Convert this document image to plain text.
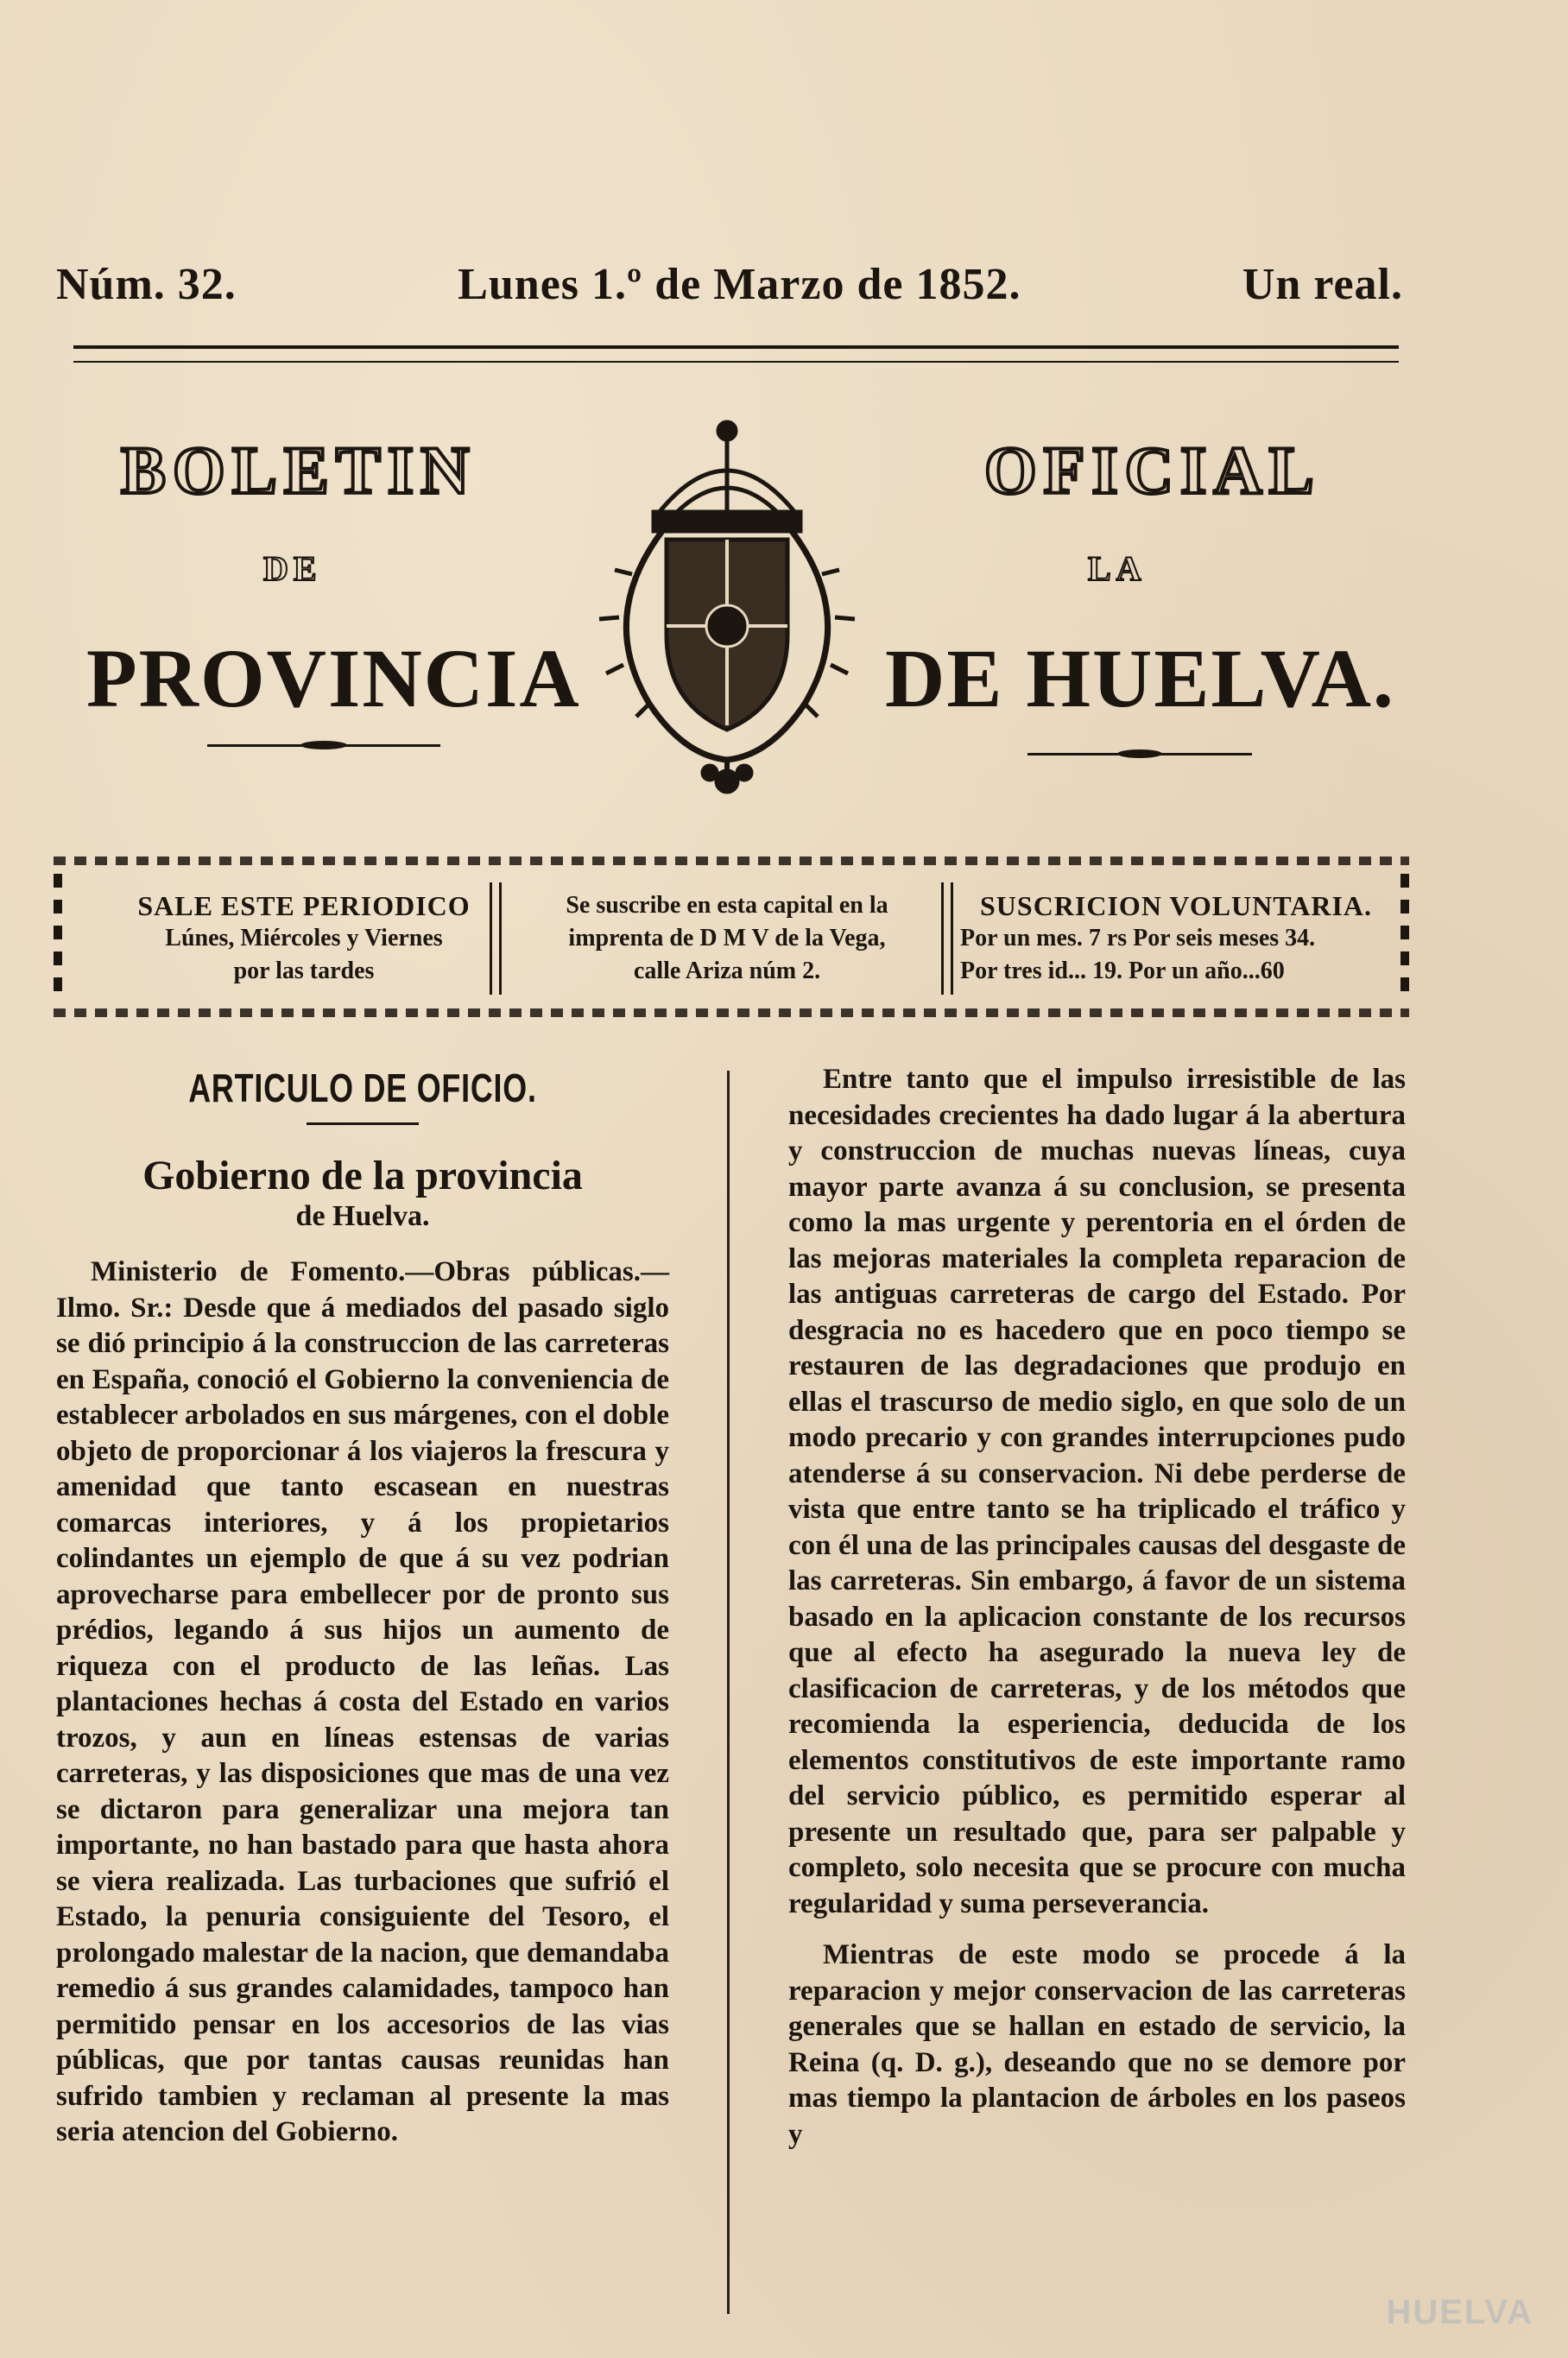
Núm. 32.	Lunes 1.º de Marzo de 1852.	Un real.
BOLETIN	OFICIAL
DE	LA
PROVINCIA	DE HUELVA.
SALE ESTE PERIODICO
Lúnes, Miércoles y Viernes
por las tardes
Se suscribe en esta capital en la
imprenta de D M V de la Vega,
calle Ariza núm 2.
SUSCRICION VOLUNTARIA.
Por un mes. 7 rs Por seis meses 34.
Por tres id... 19. Por un año...60
ARTICULO DE OFICIO.
Gobierno de la provincia
de Huelva.

Ministerio de Fomento.—Obras públicas.—Ilmo. Sr.: Desde que á mediados del pasado siglo se dió principio á la construccion de las carreteras en España, conoció el Gobierno la conveniencia de establecer arbolados en sus márgenes, con el doble objeto de proporcionar á los viajeros la frescura y amenidad que tanto escasean en nuestras comarcas interiores, y á los propietarios colindantes un ejemplo de que á su vez podrian aprovecharse para embellecer por de pronto sus prédios, legando á sus hijos un aumento de riqueza con el producto de las leñas. Las plantaciones hechas á costa del Estado en varios trozos, y aun en líneas estensas de varias carreteras, y las disposiciones que mas de una vez se dictaron para generalizar una mejora tan importante, no han bastado para que hasta ahora se viera realizada. Las turbaciones que sufrió el Estado, la penuria consiguiente del Tesoro, el prolongado malestar de la nacion, que demandaba remedio á sus grandes calamidades, tampoco han permitido pensar en los accesorios de las vias públicas, que por tantas causas reunidas han sufrido tambien y reclaman al presente la mas seria atencion del Gobierno.

Entre tanto que el impulso irresistible de las necesidades crecientes ha dado lugar á la abertura y construccion de muchas nuevas líneas, cuya mayor parte avanza á su conclusion, se presenta como la mas urgente y perentoria en el órden de las mejoras materiales la completa reparacion de las antiguas carreteras de cargo del Estado. Por desgracia no es hacedero que en poco tiempo se restauren de las degradaciones que produjo en ellas el trascurso de medio siglo, en que solo de un modo precario y con grandes interrupciones pudo atenderse á su conservacion. Ni debe perderse de vista que entre tanto se ha triplicado el tráfico y con él una de las principales causas del desgaste de las carreteras. Sin embargo, á favor de un sistema basado en la aplicacion constante de los recursos que al efecto ha asegurado la nueva ley de clasificacion de carreteras, y de los métodos que recomienda la esperiencia, deducida de los elementos constitutivos de este importante ramo del servicio público, es permitido esperar al presente un resultado que, para ser palpable y completo, solo necesita que se procure con mucha regularidad y suma perseverancia.

Mientras de este modo se procede á la reparacion y mejor conservacion de las carreteras generales que se hallan en estado de servicio, la Reina (q. D. g.), deseando que no se demore por mas tiempo la plantacion de árboles en los paseos y

HUELVA
